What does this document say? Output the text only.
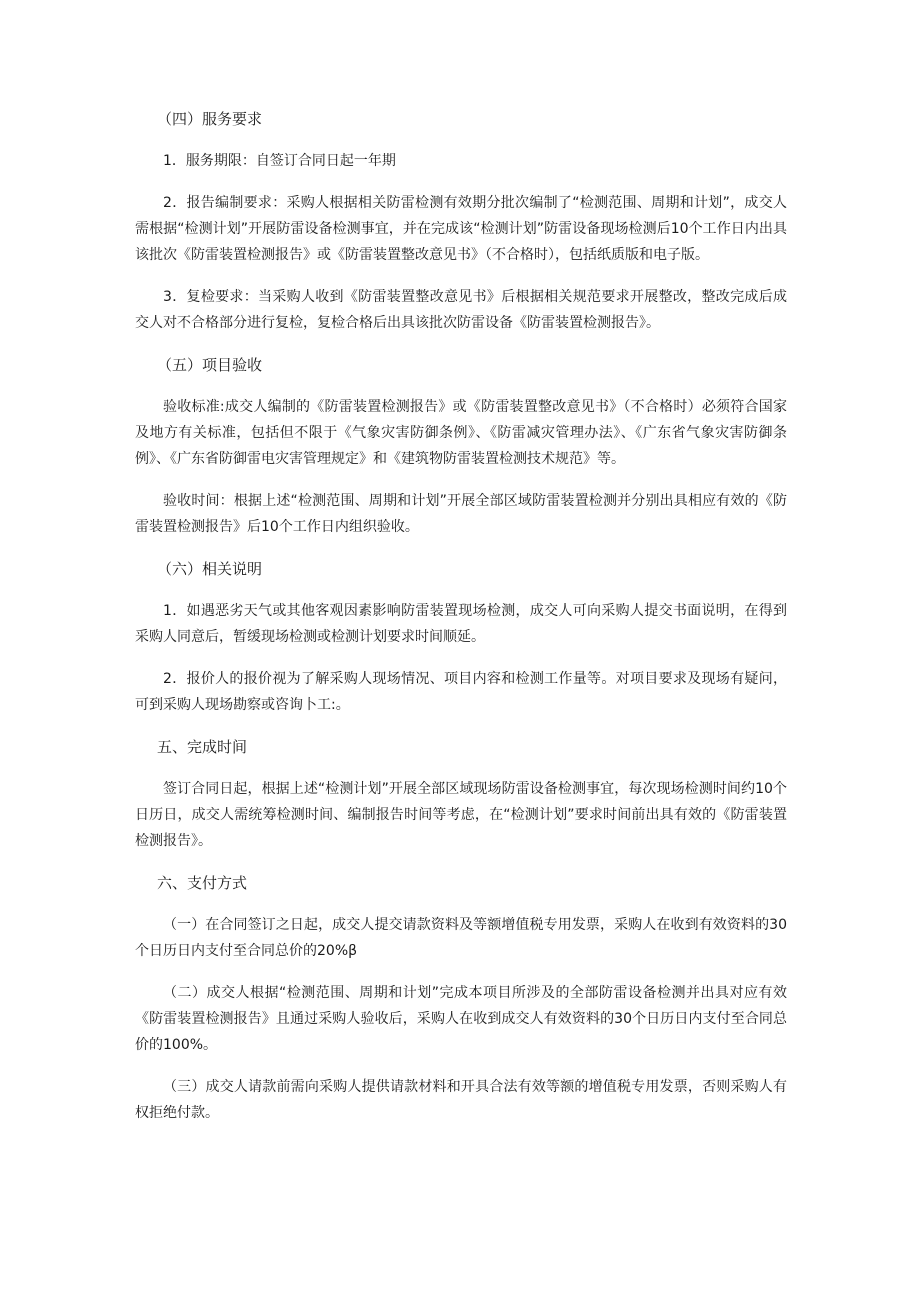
（四）服务要求
1．服务期限：自签订合同日起一年期
2．报告编制要求：采购人根据相关防雷检测有效期分批次编制了“检测范围、周期和计划”，成交人需根据“检测计划”开展防雷设备检测事宜，并在完成该“检测计划”防雷设备现场检测后10个工作日内出具该批次《防雷装置检测报告》或《防雷装置整改意见书》（不合格时），包括纸质版和电子版。
3．复检要求：当采购人收到《防雷装置整改意见书》后根据相关规范要求开展整改，整改完成后成交人对不合格部分进行复检，复检合格后出具该批次防雷设备《防雷装置检测报告》。
（五）项目验收
验收标准:成交人编制的《防雷装置检测报告》或《防雷装置整改意见书》（不合格时）必须符合国家及地方有关标准，包括但不限于《气象灾害防御条例》、《防雷减灾管理办法》、《广东省气象灾害防御条例》、《广东省防御雷电灾害管理规定》和《建筑物防雷装置检测技术规范》等。
验收时间：根据上述“检测范围、周期和计划”开展全部区域防雷装置检测并分别出具相应有效的《防雷装置检测报告》后10个工作日内组织验收。
（六）相关说明
1．如遇恶劣天气或其他客观因素影响防雷装置现场检测，成交人可向采购人提交书面说明，在得到采购人同意后，暂缓现场检测或检测计划要求时间顺延。
2．报价人的报价视为了解采购人现场情况、项目内容和检测工作量等。对项目要求及现场有疑问，可到采购人现场勘察或咨询卜工:。
五、完成时间
签订合同日起，根据上述“检测计划”开展全部区域现场防雷设备检测事宜，每次现场检测时间约10个日历日，成交人需统筹检测时间、编制报告时间等考虑，在“检测计划”要求时间前出具有效的《防雷装置检测报告》。
六、支付方式
（一）在合同签订之日起，成交人提交请款资料及等额增值税专用发票，采购人在收到有效资料的30个日历日内支付至合同总价的20%β
（二）成交人根据“检测范围、周期和计划”完成本项目所涉及的全部防雷设备检测并出具对应有效《防雷装置检测报告》且通过采购人验收后，采购人在收到成交人有效资料的30个日历日内支付至合同总价的100%。
（三）成交人请款前需向采购人提供请款材料和开具合法有效等额的增值税专用发票，否则采购人有权拒绝付款。
